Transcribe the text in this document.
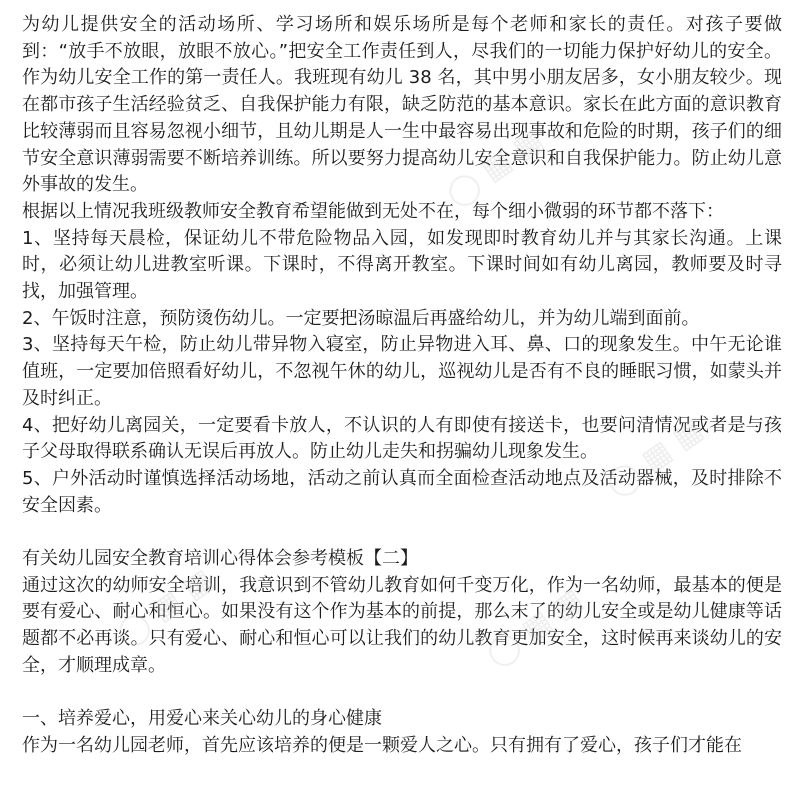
为幼儿提供安全的活动场所、学习场所和娱乐场所是每个老师和家长的责任。对孩子要做到：“放手不放眼，放眼不放心。”把安全工作责任到人，尽我们的一切能力保护好幼儿的安全。作为幼儿安全工作的第一责任人。我班现有幼儿 38 名，其中男小朋友居多，女小朋友较少。现在都市孩子生活经验贫乏、自我保护能力有限，缺乏防范的基本意识。家长在此方面的意识教育比较薄弱而且容易忽视小细节，且幼儿期是人一生中最容易出现事故和危险的时期，孩子们的细节安全意识薄弱需要不断培养训练。所以要努力提高幼儿安全意识和自我保护能力。防止幼儿意外事故的发生。

根据以上情况我班级教师安全教育希望能做到无处不在，每个细小微弱的环节都不落下：

1、坚持每天晨检，保证幼儿不带危险物品入园，如发现即时教育幼儿并与其家长沟通。上课时，必须让幼儿进教室听课。下课时，不得离开教室。下课时间如有幼儿离园，教师要及时寻找，加强管理。

2、午饭时注意，预防烫伤幼儿。一定要把汤晾温后再盛给幼儿，并为幼儿端到面前。

3、坚持每天午检，防止幼儿带异物入寝室，防止异物进入耳、鼻、口的现象发生。中午无论谁值班，一定要加倍照看好幼儿，不忽视午休的幼儿，巡视幼儿是否有不良的睡眠习惯，如蒙头并及时纠正。

4、把好幼儿离园关，一定要看卡放人，不认识的人有即使有接送卡，也要问清情况或者是与孩子父母取得联系确认无误后再放人。防止幼儿走失和拐骗幼儿现象发生。

5、户外活动时谨慎选择活动场地，活动之前认真而全面检查活动地点及活动器械，及时排除不安全因素。

有关幼儿园安全教育培训心得体会参考模板【二】

通过这次的幼师安全培训，我意识到不管幼儿教育如何千变万化，作为一名幼师，最基本的便是要有爱心、耐心和恒心。如果没有这个作为基本的前提，那么末了的幼儿安全或是幼儿健康等话题都不必再谈。只有爱心、耐心和恒心可以让我们的幼儿教育更加安全，这时候再来谈幼儿的安全，才顺理成章。

一、培养爱心，用爱心来关心幼儿的身心健康

作为一名幼儿园老师，首先应该培养的便是一颗爱人之心。只有拥有了爱心，孩子们才能在

◯ ▦ ▦
◯ ▦ ▦
◯ ▦ ▦
◯ ▦ ▦
